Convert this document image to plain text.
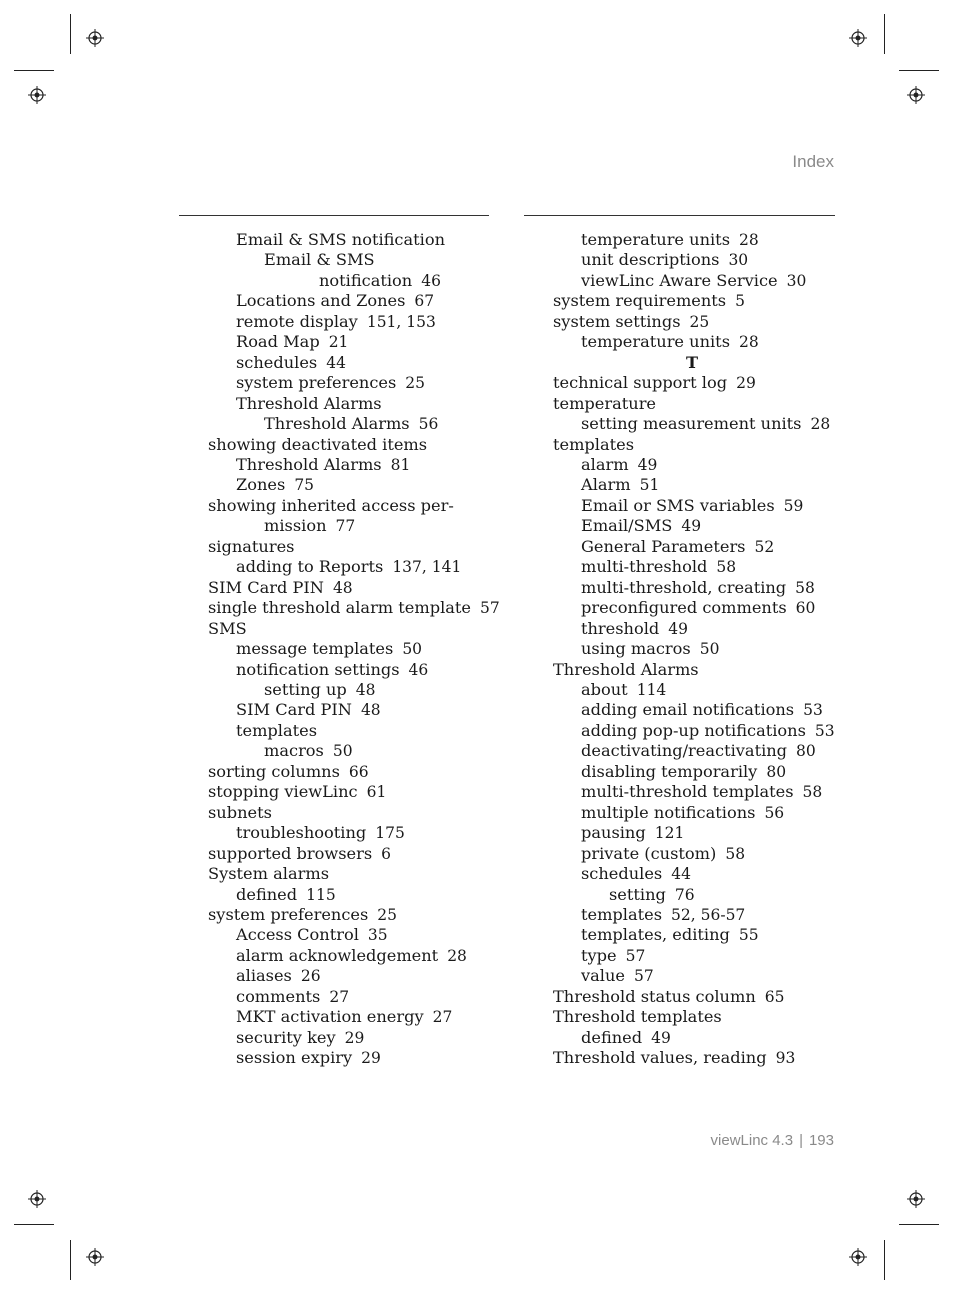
Index
Email & SMS notification
Email & SMS
notification 46
Locations and Zones 67
remote display 151, 153
Road Map 21
schedules 44
system preferences 25
Threshold Alarms
Threshold Alarms 56
showing deactivated items
Threshold Alarms 81
Zones 75
showing inherited access per-
mission 77
signatures
adding to Reports 137, 141
SIM Card PIN 48
single threshold alarm template 57
SMS
message templates 50
notification settings 46
setting up 48
SIM Card PIN 48
templates
macros 50
sorting columns 66
stopping viewLinc 61
subnets
troubleshooting 175
supported browsers 6
System alarms
defined 115
system preferences 25
Access Control 35
alarm acknowledgement 28
aliases 26
comments 27
MKT activation energy 27
security key 29
session expiry 29
temperature units 28
unit descriptions 30
viewLinc Aware Service 30
system requirements 5
system settings 25
temperature units 28
T
technical support log 29
temperature
setting measurement units 28
templates
alarm 49
Alarm 51
Email or SMS variables 59
Email/SMS 49
General Parameters 52
multi-threshold 58
multi-threshold, creating 58
preconfigured comments 60
threshold 49
using macros 50
Threshold Alarms
about 114
adding email notifications 53
adding pop-up notifications 53
deactivating/reactivating 80
disabling temporarily 80
multi-threshold templates 58
multiple notifications 56
pausing 121
private (custom) 58
schedules 44
setting 76
templates 52, 56-57
templates, editing 55
type 57
value 57
Threshold status column 65
Threshold templates
defined 49
Threshold values, reading 93
viewLinc 4.3 | 193
